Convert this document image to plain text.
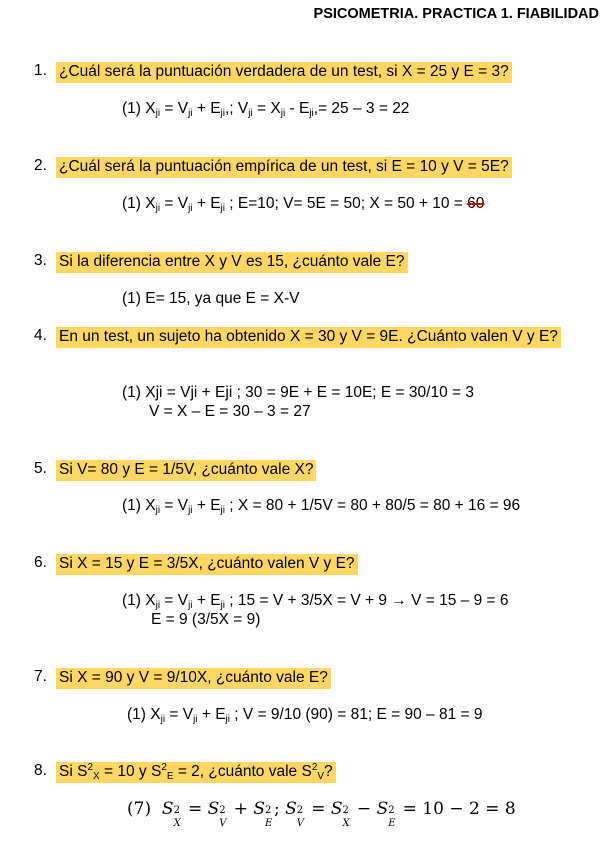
PSICOMETRIA. PRACTICA 1. FIABILIDAD
1. ¿Cuál será la puntuación verdadera de un test, si X = 25 y E = 3?
(1) $X_{ji} = V_{ji} + E_{ji}$,; $V_{ji} = X_{ji} - E_{ji},= 25 - 3 = 22$
2. ¿Cuál será la puntuación empírica de un test, si E = 10 y V = 5E?
(1) $X_{ji} = V_{ji} + E_{ji}$ ; E=10; V= 5E = 50; X = 50 + 10 = 60
3. Si la diferencia entre X y V es 15, ¿cuánto vale E?
(1) E= 15, ya que E = X-V
4. En un test, un sujeto ha obtenido X = 30 y V = 9E. ¿Cuánto valen V y E?
(1) Xji = Vji + Eji ; 30 = 9E + E = 10E; E = 30/10 = 3
V = X – E = 30 – 3 = 27
5. Si V= 80 y E = 1/5V, ¿cuánto vale X?
(1) $X_{ji} = V_{ji} + E_{ji}$ ; X = 80 + 1/5V = 80 + 80/5 = 80 + 16 = 96
6. Si X = 15 y E = 3/5X, ¿cuánto valen V y E?
(1) $X_{ji} = V_{ji} + E_{ji}$ ; 15 = V + 3/5X = V + 9 → V = 15 – 9 = 6
E = 9 (3/5X = 9)
7. Si X = 90 y V = 9/10X, ¿cuánto vale E?
(1) $X_{ji} = V_{ji} + E_{ji}$ ; V = 9/10 (90) = 81; E = 90 – 81 = 9
8. Si $S^2_X = 10$ y $S^2_E = 2$, ¿cuánto vale $S^2_V$?
(7) S 2
X
= S 2
V
+ S 2
E
; S 2
V
= S 2
X
− S 2
E
= 10 − 2 = 8
